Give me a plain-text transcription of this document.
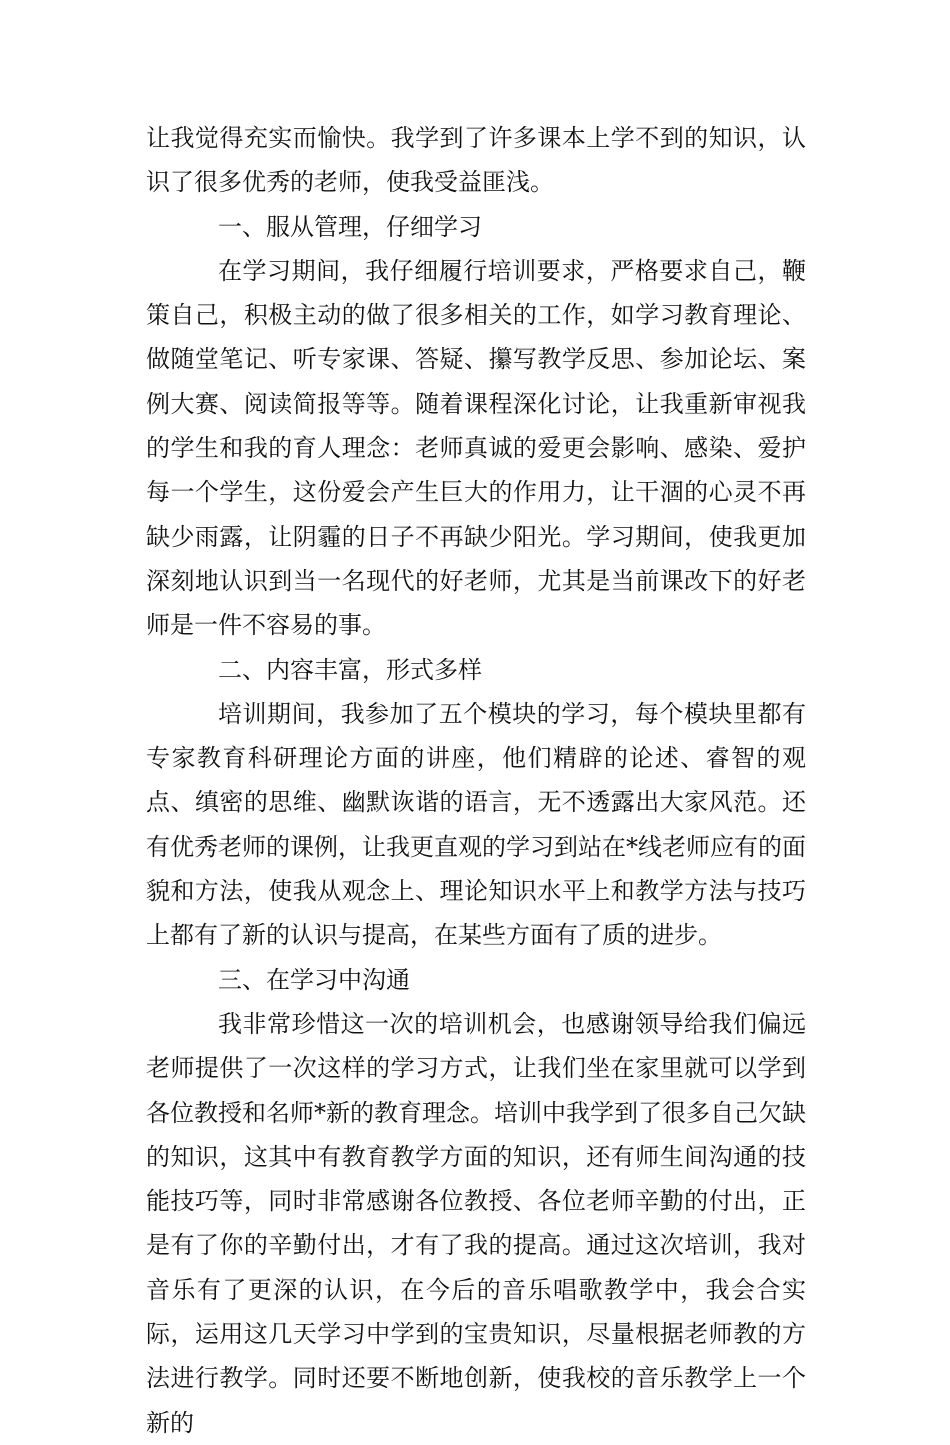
让我觉得充实而愉快。我学到了许多课本上学不到的知识，认识了很多优秀的老师，使我受益匪浅。

一、服从管理，仔细学习

在学习期间，我仔细履行培训要求，严格要求自己，鞭策自己，积极主动的做了很多相关的工作，如学习教育理论、做随堂笔记、听专家课、答疑、攥写教学反思、参加论坛、案例大赛、阅读简报等等。随着课程深化讨论，让我重新审视我的学生和我的育人理念：老师真诚的爱更会影响、感染、爱护每一个学生，这份爱会产生巨大的作用力，让干涸的心灵不再缺少雨露，让阴霾的日子不再缺少阳光。学习期间，使我更加深刻地认识到当一名现代的好老师，尤其是当前课改下的好老师是一件不容易的事。

二、内容丰富，形式多样

培训期间，我参加了五个模块的学习，每个模块里都有专家教育科研理论方面的讲座，他们精辟的论述、睿智的观点、缜密的思维、幽默诙谐的语言，无不透露出大家风范。还有优秀老师的课例，让我更直观的学习到站在*线老师应有的面貌和方法，使我从观念上、理论知识水平上和教学方法与技巧上都有了新的认识与提高，在某些方面有了质的进步。

三、在学习中沟通

我非常珍惜这一次的培训机会，也感谢领导给我们偏远老师提供了一次这样的学习方式，让我们坐在家里就可以学到各位教授和名师*新的教育理念。培训中我学到了很多自己欠缺的知识，这其中有教育教学方面的知识，还有师生间沟通的技能技巧等，同时非常感谢各位教授、各位老师辛勤的付出，正是有了你的辛勤付出，才有了我的提高。通过这次培训，我对音乐有了更深的认识，在今后的音乐唱歌教学中，我会合实际，运用这几天学习中学到的宝贵知识，尽量根据老师教的方法进行教学。同时还要不断地创新，使我校的音乐教学上一个新的
